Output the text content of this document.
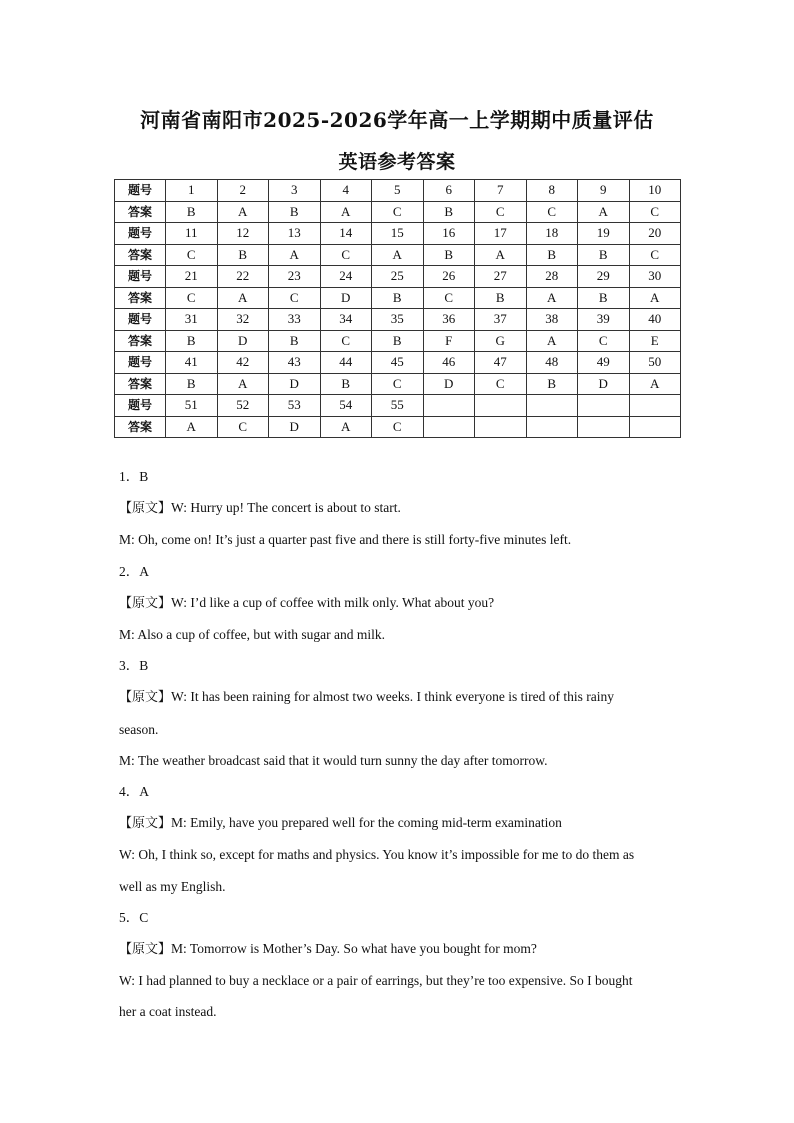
河南省南阳市2025-2026学年高一上学期期中质量评估
英语参考答案
题号	1	2	3	4	5	6	7	8	9	10
答案	B	A	B	A	C	B	C	C	A	C
题号	11	12	13	14	15	16	17	18	19	20
答案	C	B	A	C	A	B	A	B	B	C
题号	21	22	23	24	25	26	27	28	29	30
答案	C	A	C	D	B	C	B	A	B	A
题号	31	32	33	34	35	36	37	38	39	40
答案	B	D	B	C	B	F	G	A	C	E
题号	41	42	43	44	45	46	47	48	49	50
答案	B	A	D	B	C	D	C	B	D	A
题号	51	52	53	54	55					
答案	A	C	D	A	C					

1．B

【原文】W: Hurry up! The concert is about to start.

M: Oh, come on! It’s just a quarter past five and there is still forty-five minutes left.

2．A

【原文】W: I’d like a cup of coffee with milk only. What about you?

M: Also a cup of coffee, but with sugar and milk.

3．B

【原文】W: It has been raining for almost two weeks. I think everyone is tired of this rainy

season.

M: The weather broadcast said that it would turn sunny the day after tomorrow.

4．A

【原文】M: Emily, have you prepared well for the coming mid-term examination

W: Oh, I think so, except for maths and physics. You know it’s impossible for me to do them as

well as my English.

5．C

【原文】M: Tomorrow is Mother’s Day. So what have you bought for mom?

W: I had planned to buy a necklace or a pair of earrings, but they’re too expensive. So I bought

her a coat instead.
